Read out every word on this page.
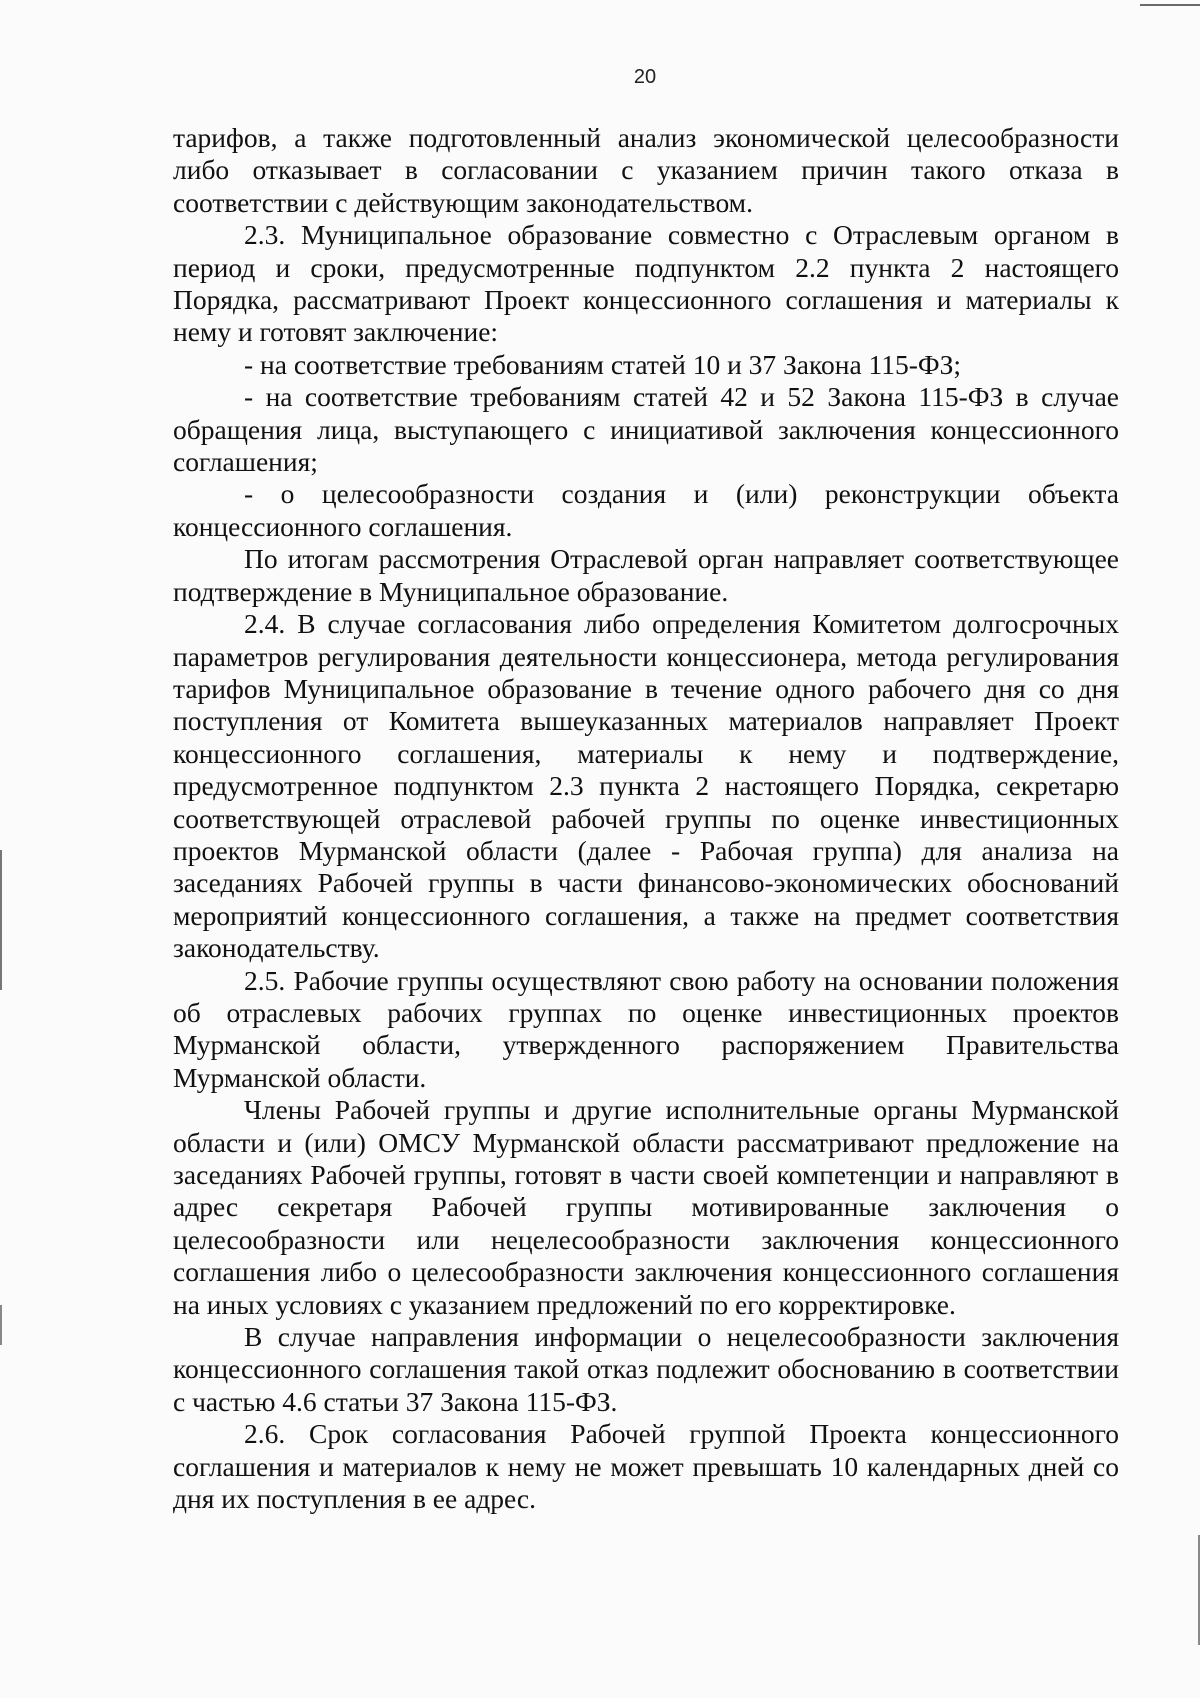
20

тарифов, а также подготовленный анализ экономической целесообразности либо отказывает в согласовании с указанием причин такого отказа в соответствии с действующим законодательством.

2.3. Муниципальное образование совместно с Отраслевым органом в период и сроки, предусмотренные подпунктом 2.2 пункта 2 настоящего Порядка, рассматривают Проект концессионного соглашения и материалы к нему и готовят заключение:

- на соответствие требованиям статей 10 и 37 Закона 115-ФЗ;

- на соответствие требованиям статей 42 и 52 Закона 115-ФЗ в случае обращения лица, выступающего с инициативой заключения концессионного соглашения;

- о целесообразности создания и (или) реконструкции объекта концессионного соглашения.

По итогам рассмотрения Отраслевой орган направляет соответствующее подтверждение в Муниципальное образование.

2.4. В случае согласования либо определения Комитетом долгосрочных параметров регулирования деятельности концессионера, метода регулирования тарифов Муниципальное образование в течение одного рабочего дня со дня поступления от Комитета вышеуказанных материалов направляет Проект концессионного соглашения, материалы к нему и подтверждение, предусмотренное подпунктом 2.3 пункта 2 настоящего Порядка, секретарю соответствующей отраслевой рабочей группы по оценке инвестиционных проектов Мурманской области (далее - Рабочая группа) для анализа на заседаниях Рабочей группы в части финансово-экономических обоснований мероприятий концессионного соглашения, а также на предмет соответствия законодательству.

2.5. Рабочие группы осуществляют свою работу на основании положения об отраслевых рабочих группах по оценке инвестиционных проектов Мурманской области, утвержденного распоряжением Правительства Мурманской области.

Члены Рабочей группы и другие исполнительные органы Мурманской области и (или) ОМСУ Мурманской области рассматривают предложение на заседаниях Рабочей группы, готовят в части своей компетенции и направляют в адрес секретаря Рабочей группы мотивированные заключения о целесообразности или нецелесообразности заключения концессионного соглашения либо о целесообразности заключения концессионного соглашения на иных условиях с указанием предложений по его корректировке.

В случае направления информации о нецелесообразности заключения концессионного соглашения такой отказ подлежит обоснованию в соответствии с частью 4.6 статьи 37 Закона 115-ФЗ.

2.6. Срок согласования Рабочей группой Проекта концессионного соглашения и материалов к нему не может превышать 10 календарных дней со дня их поступления в ее адрес.
